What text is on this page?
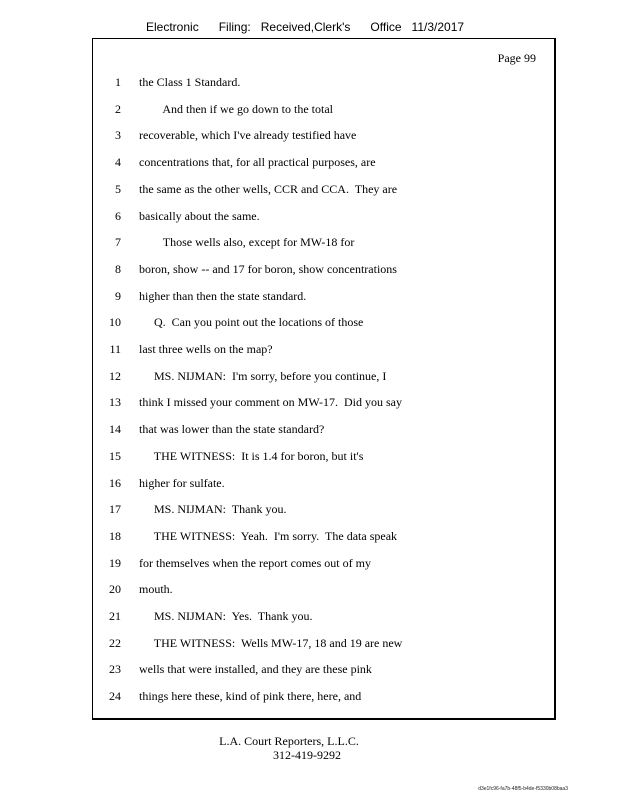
Electronic Filing: Received,Clerk's Office 11/3/2017
Page 99
1 the Class 1 Standard.
2 And then if we go down to the total
3 recoverable, which I've already testified have
4 concentrations that, for all practical purposes, are
5 the same as the other wells, CCR and CCA.  They are
6 basically about the same.
7 Those wells also, except for MW-18 for
8 boron, show -- and 17 for boron, show concentrations
9 higher than then the state standard.
10 Q.  Can you point out the locations of those
11 last three wells on the map?
12 MS. NIJMAN:  I'm sorry, before you continue, I
13 think I missed your comment on MW-17.  Did you say
14 that was lower than the state standard?
15 THE WITNESS:  It is 1.4 for boron, but it's
16 higher for sulfate.
17 MS. NIJMAN:  Thank you.
18 THE WITNESS:  Yeah.  I'm sorry.  The data speak
19 for themselves when the report comes out of my
20 mouth.
21 MS. NIJMAN:  Yes.  Thank you.
22 THE WITNESS:  Wells MW-17, 18 and 19 are new
23 wells that were installed, and they are these pink
24 things here these, kind of pink there, here, and
L.A. Court Reporters, L.L.C.
312-419-9292
d3e1fc96-fa7b-48f5-b4de-f5330b08baa3
